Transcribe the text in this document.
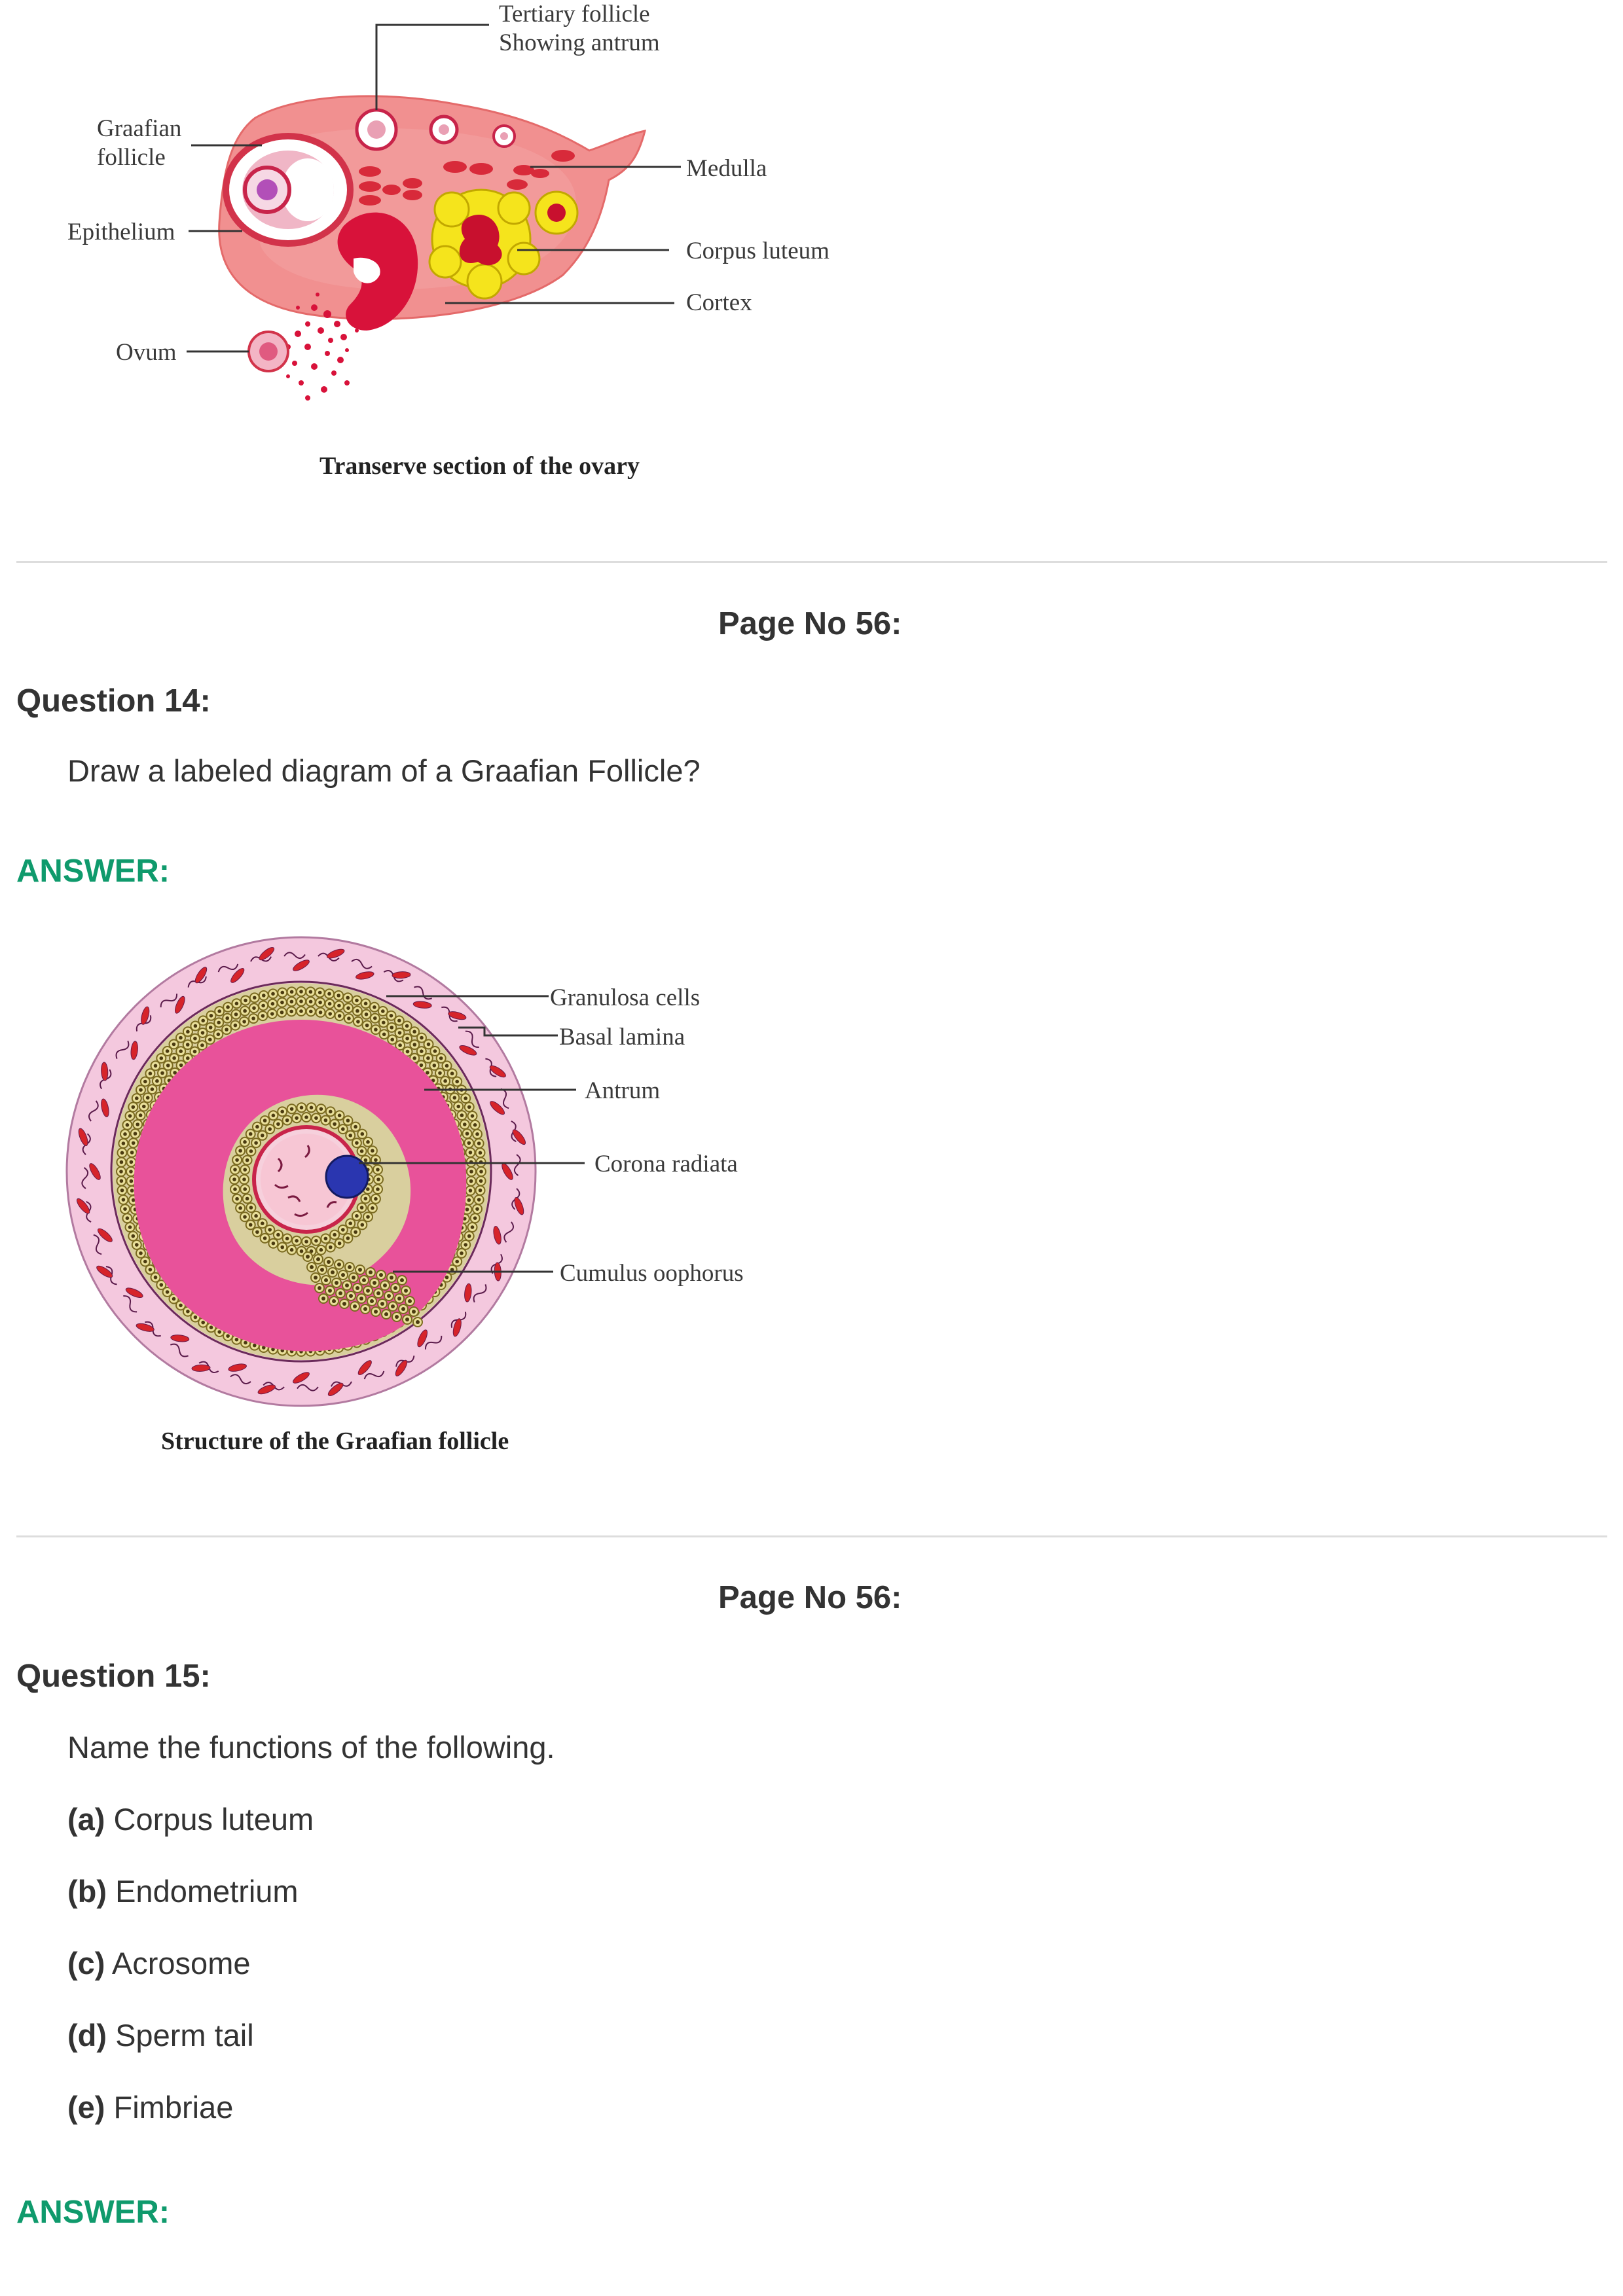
Tertiary follicle
Showing antrum
Graafian
follicle
Epithelium
Ovum
Medulla
Corpus luteum
Cortex
Transerve section of the ovary
Page No 56:
Question 14:
Draw a labeled diagram of a Graafian Follicle?
ANSWER:
Granulosa cells
Basal lamina
Antrum
Corona radiata
Cumulus oophorus
Structure of the Graafian follicle
Page No 56:
Question 15:
Name the functions of the following.
(a) Corpus luteum
(b) Endometrium
(c) Acrosome
(d) Sperm tail
(e) Fimbriae
ANSWER:
